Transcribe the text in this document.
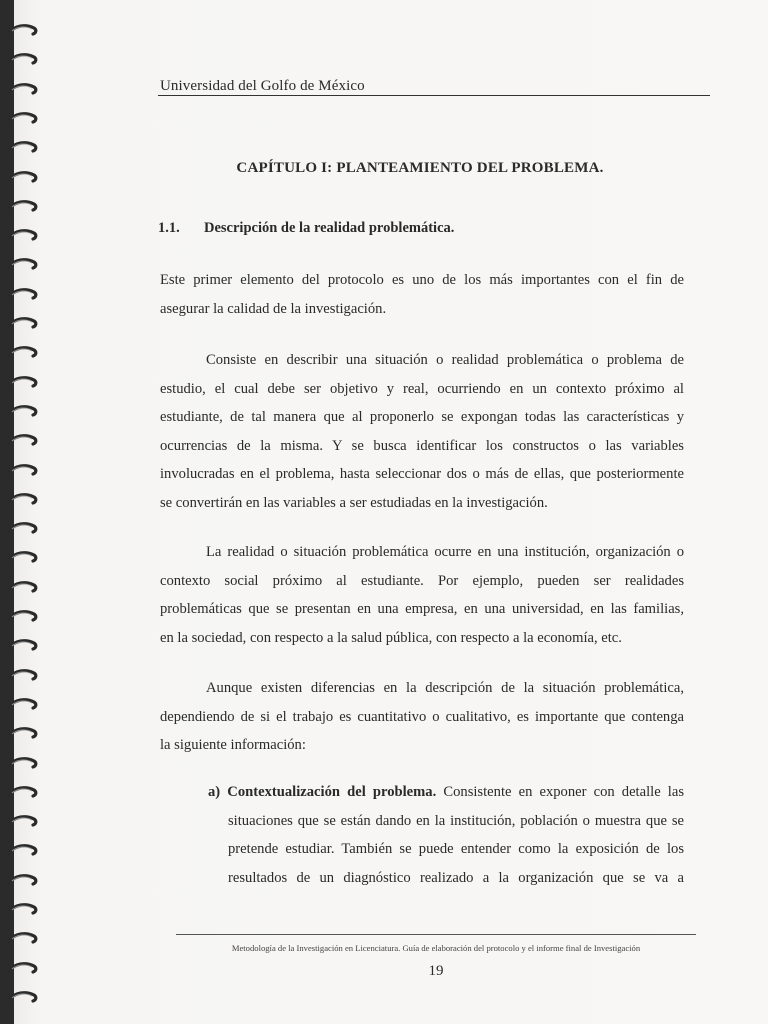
Universidad del Golfo de México
CAPÍTULO I: PLANTEAMIENTO DEL PROBLEMA.
1.1. Descripción de la realidad problemática.
Este primer elemento del protocolo es uno de los más importantes con el fin de
asegurar la calidad de la investigación.
Consiste en describir una situación o realidad problemática o problema de
estudio, el cual debe ser objetivo y real, ocurriendo en un contexto próximo al
estudiante, de tal manera que al proponerlo se expongan todas las características y
ocurrencias de la misma. Y se busca identificar los constructos o las variables
involucradas en el problema, hasta seleccionar dos o más de ellas, que posteriormente
se convertirán en las variables a ser estudiadas en la investigación.
La realidad o situación problemática ocurre en una institución, organización o
contexto social próximo al estudiante. Por ejemplo, pueden ser realidades
problemáticas que se presentan en una empresa, en una universidad, en las familias,
en la sociedad, con respecto a la salud pública, con respecto a la economía, etc.
Aunque existen diferencias en la descripción de la situación problemática,
dependiendo de si el trabajo es cuantitativo o cualitativo, es importante que contenga
la siguiente información:
a) Contextualización del problema. Consistente en exponer con detalle las
situaciones que se están dando en la institución, población o muestra que se
pretende estudiar. También se puede entender como la exposición de los
resultados de un diagnóstico realizado a la organización que se va a
Metodología de la Investigación en Licenciatura. Guía de elaboración del protocolo y el informe final de Investigación
19
